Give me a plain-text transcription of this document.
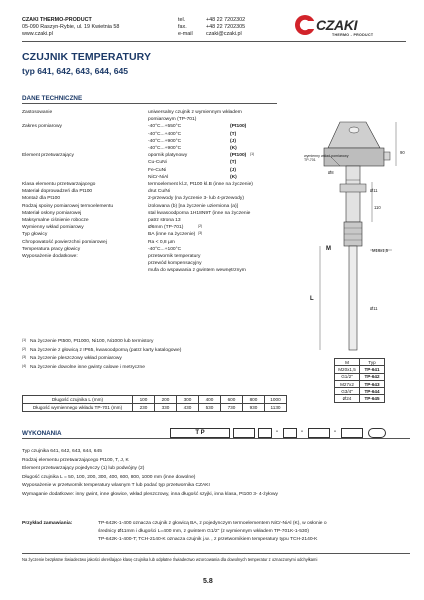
CZAKI THERMO-PRODUCT
05-090 Raszyn-Rybie, ul. 19 Kwietnia 58
www.czaki.pl
tel.
fax.
e-mail
+48 22 7202302
+48 22 7202305
czaki@czaki.pl
CZAKI
THERMO - PRODUCT
CZUJNIK TEMPERATURY
typ 641, 642, 643, 644, 645
DANE TECHNICZNE
Zastosowanie	uniwersalny czujnik z wymiennym wkładem
pomiarowym (TP-701)
Zakres pomiarowy	-40°C...+550°C	(Pt100)
-40°C...+400°C	(T)
-40°C...+900°C	(J)
-40°C...+900°C	(K)
Element przetwarzający	opornik platynowy	(Pt100) (1)
Cu-CuNi	(T)
Fe-CuNi	(J)
NiCr-NiAl	(K)
Klasa elementu przetwarzającego	termoelement kl.2, Pt100 kl.B (inne na życzenie)
Materiał doprowadzeń dla Pt100	drut Cu/Ni
Montaż dla Pt100	2-przewody (na życzenie 3- lub 4-przewody)
Rodzaj spoiny pomiarowej termoelementu	izolowana (b) [na życzenie uziemiona (a)]
Materiał osłony pomiarowej	stal kwasoodporna 1H18N9T (inne na życzenie
Maksymalne ciśnienie robocze	patrz strona 13
Wymienny wkład pomiarowy	Ø6mm (TP-701)	(2)
Typ głowicy	BA (inne na życzenie) (3)
Chropowatość powierzchni pomiarowej	Ra < 0,8 µm
Temperatura pracy głowicy	-40°C...+100°C
Wyposażenie dodatkowe:	przetwornik temperatury
przewód kompensacyjny
mufa do wspawania z gwintem wewnętrznym
(1) Na życzenie Pt500, Pt1000, Ni100, Ni1000 lub termistory
(2) Na życzenie z głowicą z IP65, kwasoodporną (patrz karty katalogowe)
(3) Na życzenie pleszczowy wkład pomiarowy
(4) Na życzenie dowolne inne gwinty calowe i metryczne
Długość czujnika L (mm)	100	200	300	400	600	800	1000
Długość wymiennego wkładu TP-701 (mm)	230	330	430	530	730	930	1130
M	Typ
M20x1,5	TP-641
G1/2"	TP-642
M27x2	TP-643
G3/4"	TP-644
Ø24	TP-645
wymienny wkład pomiarowy TP-701
Ø8
90
110
Ø11
M16x1,5
M
L
Ø11
WYKONANIA	T P	-	-	-
Typ czujnika 641, 642, 643, 644, 645
Rodzaj elementu przetwarzającego Pt100, T, J, K
Element przetwarzający pojedynczy (1) lub podwójny (2)
Długość czujnika L = 50, 100, 200, 300, 400, 600, 800, 1000 mm (inne dowolne)
Wyposażenie w przetwornik temperatury wlasnym T lub podać typ przetwornika CZAKI
Wymaganie dodatkowe: inny gwint, inne głowice, wkład pleszczowy, inna długość szyjki, inna klasa, Pt100 3- 4-żyłowy
Przykład zamawiania:	TP-642K-1-400 oznacza czujnik z głowicą BA, z pojedynczym termoelementem NiCr-NiAl (K), w osłonie o
średnicy Ø11mm i długości L=400 mm, z gwintem G1/2" (z wymiennym wkładem TP-701K-1-530)
TP-642K-1-400-T; TCH-2140-K oznacza czujnik j.w. , z przetwornikiem temperatury typu TCH-2140-K
Na życzenie bezpłatne Świadectwo jakości określające klasę czujnika lub odpłatne Świadectwo wzorcowania dla dowolnych temperatur z oznaczonymi odchyłkami
5.8
